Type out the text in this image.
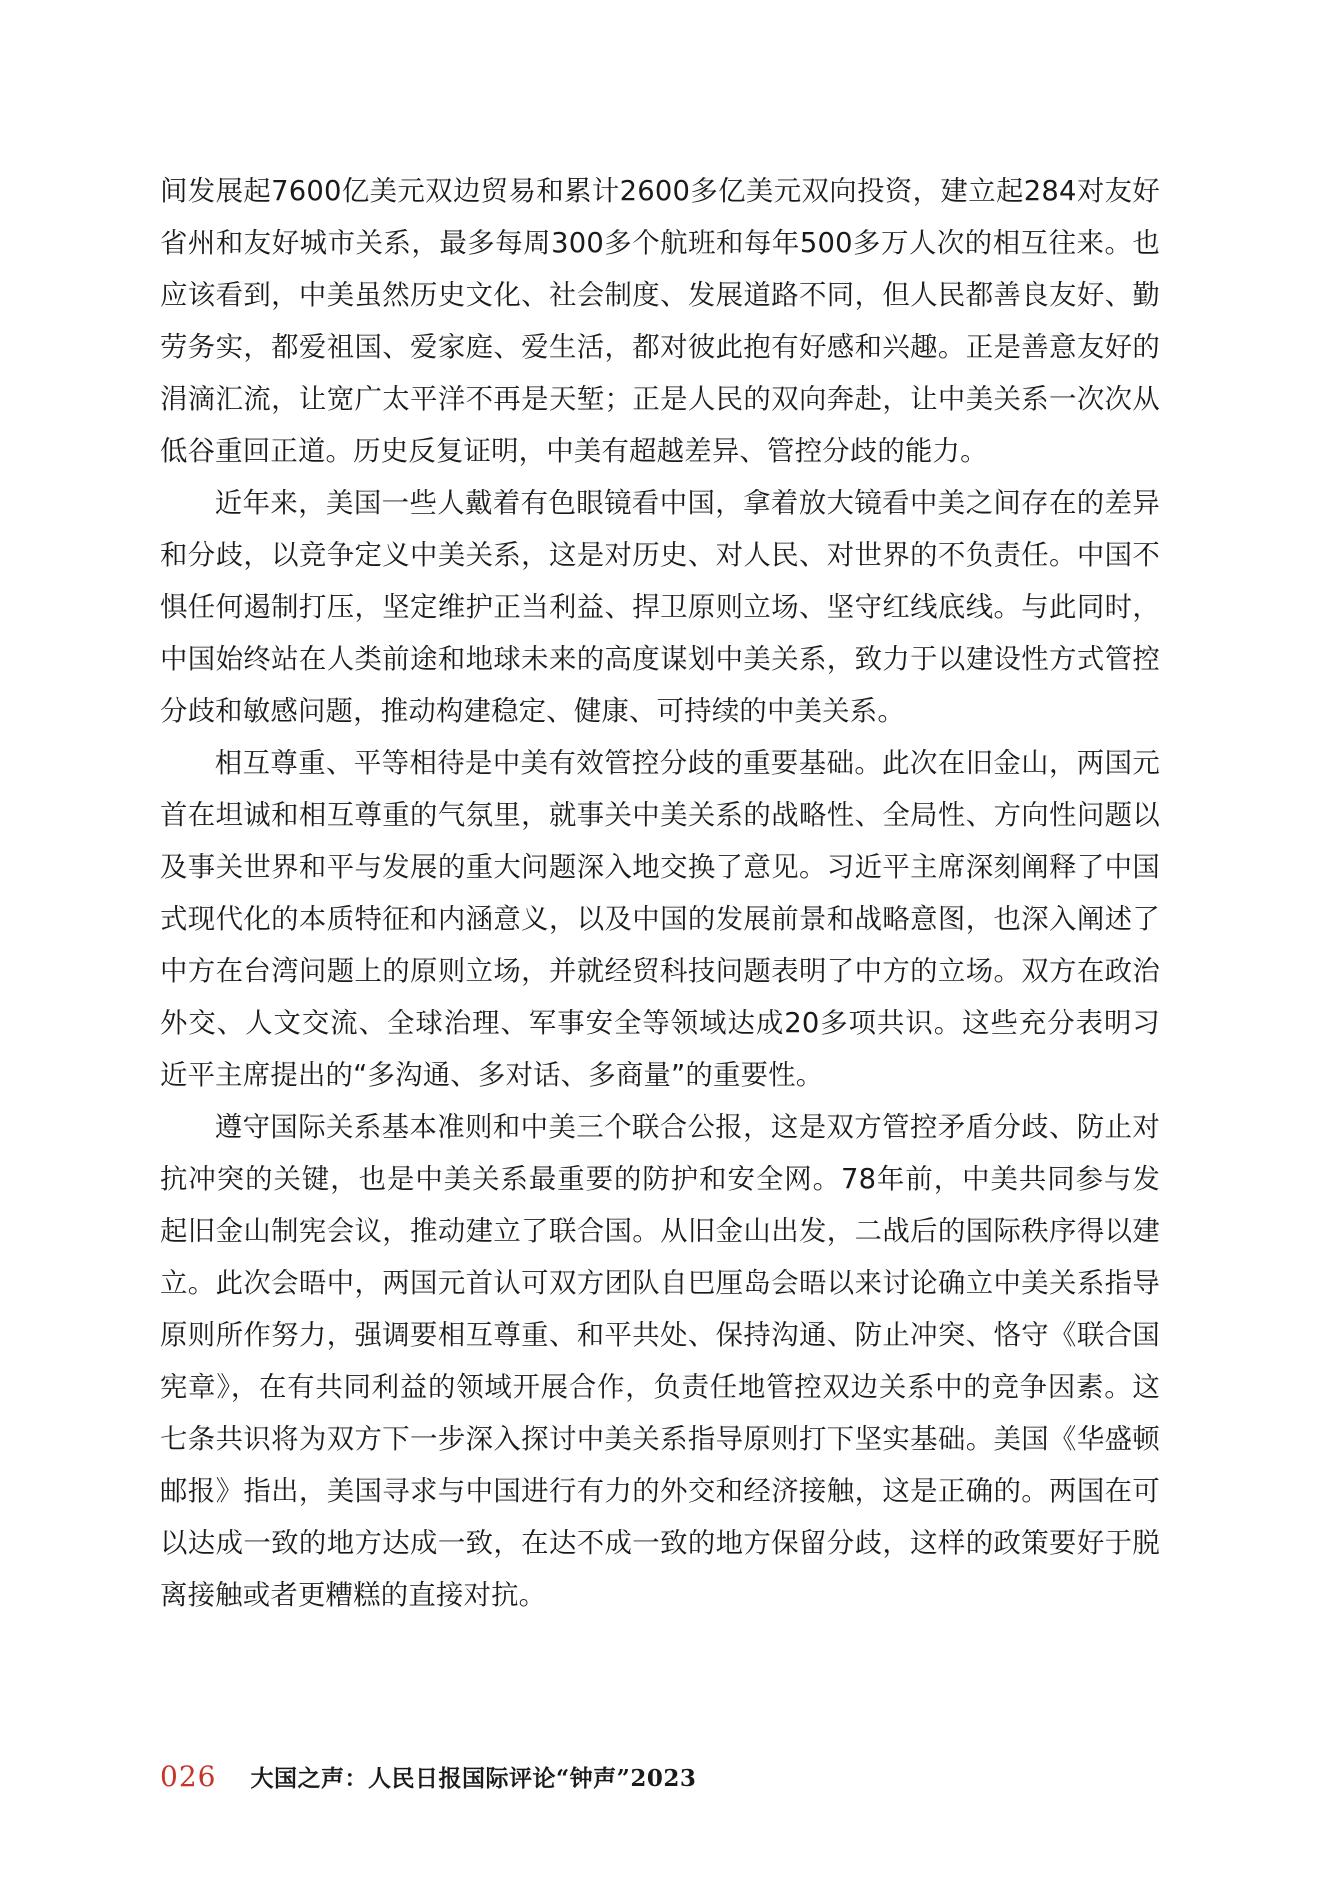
间发展起7600亿美元双边贸易和累计2600多亿美元双向投资，建立起284对友好省州和友好城市关系，最多每周300多个航班和每年500多万人次的相互往来。也应该看到，中美虽然历史文化、社会制度、发展道路不同，但人民都善良友好、勤劳务实，都爱祖国、爱家庭、爱生活，都对彼此抱有好感和兴趣。正是善意友好的涓滴汇流，让宽广太平洋不再是天堑；正是人民的双向奔赴，让中美关系一次次从低谷重回正道。历史反复证明，中美有超越差异、管控分歧的能力。

近年来，美国一些人戴着有色眼镜看中国，拿着放大镜看中美之间存在的差异和分歧，以竞争定义中美关系，这是对历史、对人民、对世界的不负责任。中国不惧任何遏制打压，坚定维护正当利益、捍卫原则立场、坚守红线底线。与此同时，中国始终站在人类前途和地球未来的高度谋划中美关系，致力于以建设性方式管控分歧和敏感问题，推动构建稳定、健康、可持续的中美关系。

相互尊重、平等相待是中美有效管控分歧的重要基础。此次在旧金山，两国元首在坦诚和相互尊重的气氛里，就事关中美关系的战略性、全局性、方向性问题以及事关世界和平与发展的重大问题深入地交换了意见。习近平主席深刻阐释了中国式现代化的本质特征和内涵意义，以及中国的发展前景和战略意图，也深入阐述了中方在台湾问题上的原则立场，并就经贸科技问题表明了中方的立场。双方在政治外交、人文交流、全球治理、军事安全等领域达成20多项共识。这些充分表明习近平主席提出的“多沟通、多对话、多商量”的重要性。

遵守国际关系基本准则和中美三个联合公报，这是双方管控矛盾分歧、防止对抗冲突的关键，也是中美关系最重要的防护和安全网。78年前，中美共同参与发起旧金山制宪会议，推动建立了联合国。从旧金山出发，二战后的国际秩序得以建立。此次会晤中，两国元首认可双方团队自巴厘岛会晤以来讨论确立中美关系指导原则所作努力，强调要相互尊重、和平共处、保持沟通、防止冲突、恪守《联合国宪章》，在有共同利益的领域开展合作，负责任地管控双边关系中的竞争因素。这七条共识将为双方下一步深入探讨中美关系指导原则打下坚实基础。美国《华盛顿邮报》指出，美国寻求与中国进行有力的外交和经济接触，这是正确的。两国在可以达成一致的地方达成一致，在达不成一致的地方保留分歧，这样的政策要好于脱离接触或者更糟糕的直接对抗。

026 大国之声：人民日报国际评论“钟声”2023
